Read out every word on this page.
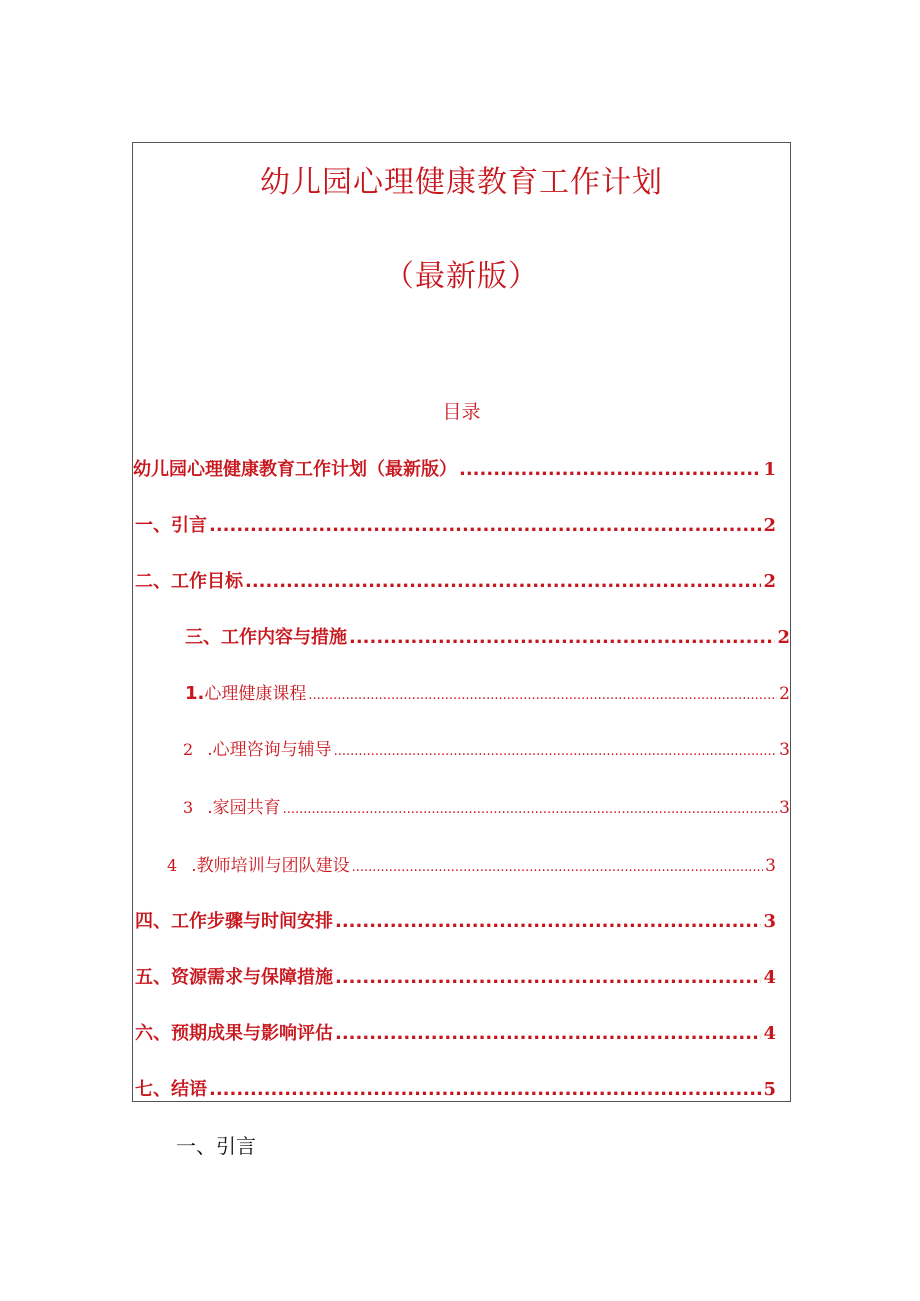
幼儿园心理健康教育工作计划
（最新版）
目录
幼儿园心理健康教育工作计划（最新版） .....	1
一、引言 .....	2
二、工作目标 .....	2
三、工作内容与措施 .....	2
1. 心理健康课程 .....	2
2 .心理咨询与辅导 .....	3
3 .家园共育 .....	3
4 .教师培训与团队建设 .....	3
四、工作步骤与时间安排 .....	3
五、资源需求与保障措施 .....	4
六、预期成果与影响评估 .....	4
七、结语 .....	5
一、引言
